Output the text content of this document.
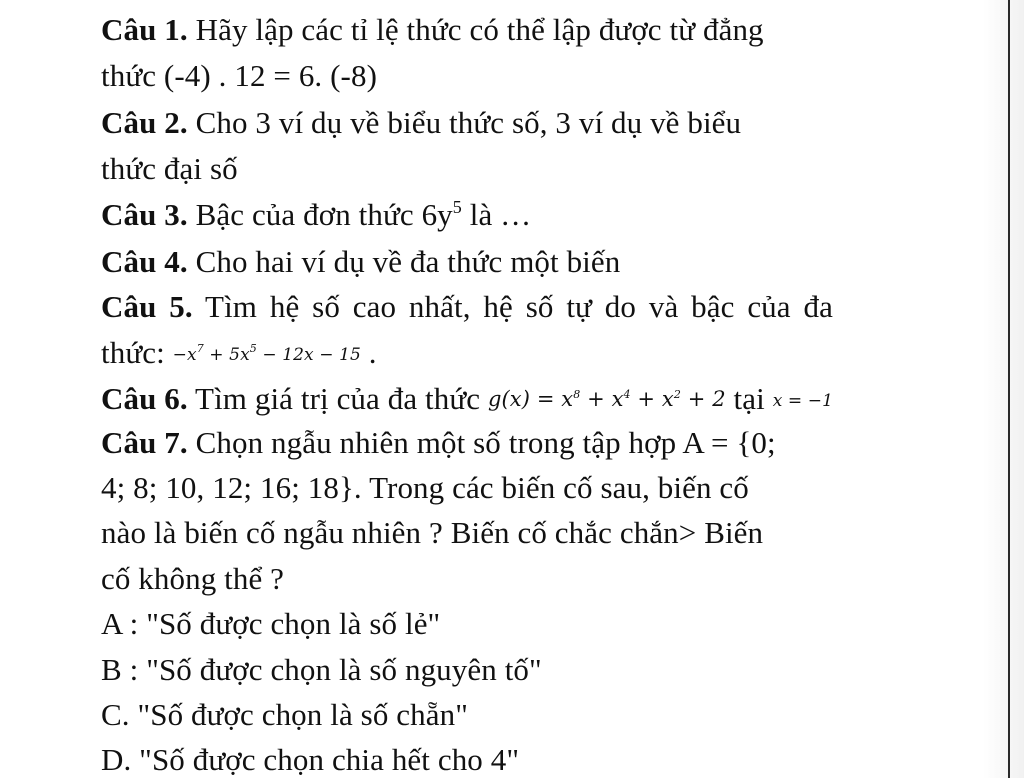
Câu 1. Hãy lập các tỉ lệ thức có thể lập được từ đẳng
thức (-4) . 12 = 6. (-8)
Câu 2. Cho 3 ví dụ về biểu thức số, 3 ví dụ về biểu
thức đại số
Câu 3. Bậc của đơn thức $6y^5$ là …
Câu 4. Cho hai ví dụ về đa thức một biến
Câu 5. Tìm hệ số cao nhất, hệ số tự do và bậc của đa
thức: $-x^7 + 5x^5 - 12x - 15$ .
Câu 6. Tìm giá trị của đa thức $g(x) = x^8 + x^4 + x^2 + 2$ tại x = −1
Câu 7. Chọn ngẫu nhiên một số trong tập hợp A = {0;
4; 8; 10, 12; 16; 18}. Trong các biến cố sau, biến cố
nào là biến cố ngẫu nhiên ? Biến cố chắc chắn> Biến
cố không thể ?
A : "Số được chọn là số lẻ"
B : "Số được chọn là số nguyên tố"
C. "Số được chọn là số chẵn"
D. "Số được chọn chia hết cho 4"
